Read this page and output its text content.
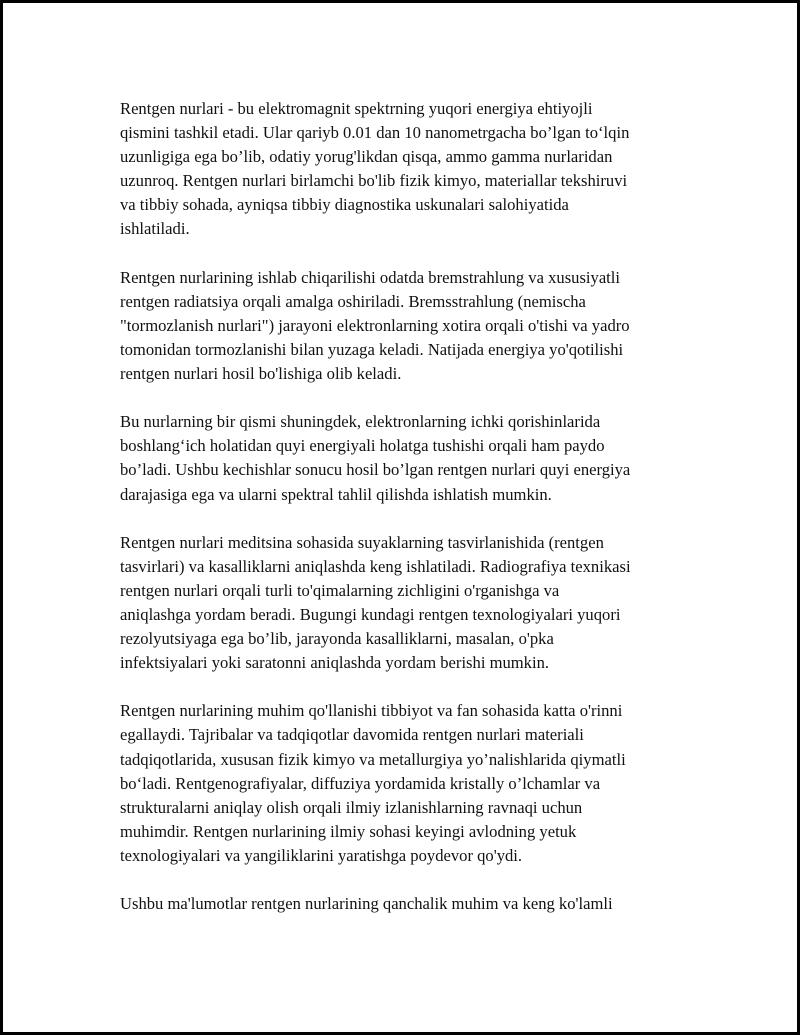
Rentgen nurlari - bu elektromagnit spektrning yuqori energiya ehtiyojli
qismini tashkil etadi. Ular qariyb 0.01 dan 10 nanometrgacha bo’lgan to‘lqin
uzunligiga ega bo’lib, odatiy yorug'likdan qisqa, ammo gamma nurlaridan
uzunroq. Rentgen nurlari birlamchi bo'lib fizik kimyo, materiallar tekshiruvi
va tibbiy sohada, ayniqsa tibbiy diagnostika uskunalari salohiyatida
ishlatiladi.

Rentgen nurlarining ishlab chiqarilishi odatda bremstrahlung va xususiyatli
rentgen radiatsiya orqali amalga oshiriladi. Bremsstrahlung (nemischa
"tormozlanish nurlari") jarayoni elektronlarning xotira orqali o'tishi va yadro
tomonidan tormozlanishi bilan yuzaga keladi. Natijada energiya yo'qotilishi
rentgen nurlari hosil bo'lishiga olib keladi.

Bu nurlarning bir qismi shuningdek, elektronlarning ichki qorishinlarida
boshlang‘ich holatidan quyi energiyali holatga tushishi orqali ham paydo
bo’ladi. Ushbu kechishlar sonucu hosil bo’lgan rentgen nurlari quyi energiya
darajasiga ega va ularni spektral tahlil qilishda ishlatish mumkin.

Rentgen nurlari meditsina sohasida suyaklarning tasvirlanishida (rentgen
tasvirlari) va kasalliklarni aniqlashda keng ishlatiladi. Radiografiya texnikasi
rentgen nurlari orqali turli to'qimalarning zichligini o'rganishga va
aniqlashga yordam beradi. Bugungi kundagi rentgen texnologiyalari yuqori
rezolyutsiyaga ega bo’lib, jarayonda kasalliklarni, masalan, o'pka
infektsiyalari yoki saratonni aniqlashda yordam berishi mumkin.

Rentgen nurlarining muhim qo'llanishi tibbiyot va fan sohasida katta o'rinni
egallaydi. Tajribalar va tadqiqotlar davomida rentgen nurlari materiali
tadqiqotlarida, xususan fizik kimyo va metallurgiya yo’nalishlarida qiymatli
bo‘ladi. Rentgenografiyalar, diffuziya yordamida kristally o’lchamlar va
strukturalarni aniqlay olish orqali ilmiy izlanishlarning ravnaqi uchun
muhimdir. Rentgen nurlarining ilmiy sohasi keyingi avlodning yetuk
texnologiyalari va yangiliklarini yaratishga poydevor qo'ydi.

Ushbu ma'lumotlar rentgen nurlarining qanchalik muhim va keng ko'lamli
